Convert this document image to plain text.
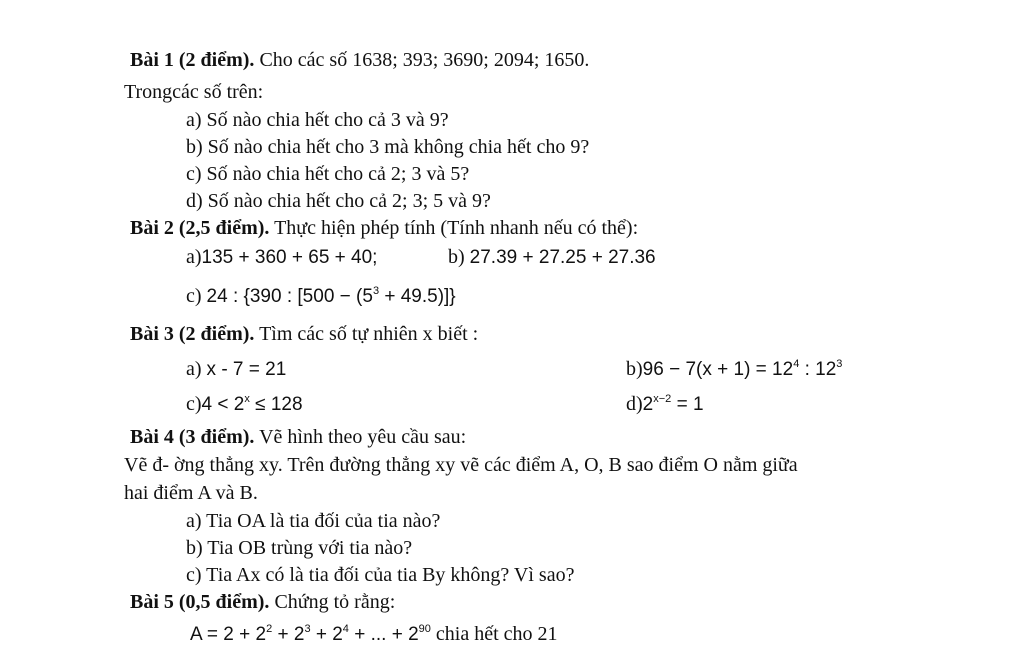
Bài 1 (2 điểm). Cho các số 1638; 393; 3690; 2094; 1650.
Trongcác số trên:
a) Số nào chia hết cho cả 3 và 9?
b) Số nào chia hết cho 3 mà không chia hết cho 9?
c) Số nào chia hết cho cả 2; 3 và 5?
d) Số nào chia hết cho cả 2; 3; 5 và 9?
Bài 2 (2,5 điểm). Thực hiện phép tính (Tính nhanh nếu có thể):
a)135 + 360 + 65 + 40;	b) 27.39 + 27.25 + 27.36
c) 24 : {390 : $[500 - (5^3 + 49.5)]$}
Bài 3 (2 điểm). Tìm các số tự nhiên x biết :
a) x - 7 = 21	$b)96 - 7(x + 1) = 12^4$ : $12^3$
$c)4 < 2^x \le 128$	$d)2^{x-2} = 1$
Bài 4 (3 điểm). Vẽ hình theo yêu cầu sau:
Vẽ đ- ờng thẳng xy. Trên đường thẳng xy vẽ các điểm A, O, B sao điểm O nằm giữa
hai điểm A và B.
a) Tia OA là tia đối của tia nào?
b) Tia OB trùng với tia nào?
c) Tia Ax có là tia đối của tia By không? Vì sao?
Bài 5 (0,5 điểm). Chứng tỏ rằng:
$A = 2 + 2^2 + 2^3 + 2^4$ + ... + $2^{90}$ chia hết cho 21
